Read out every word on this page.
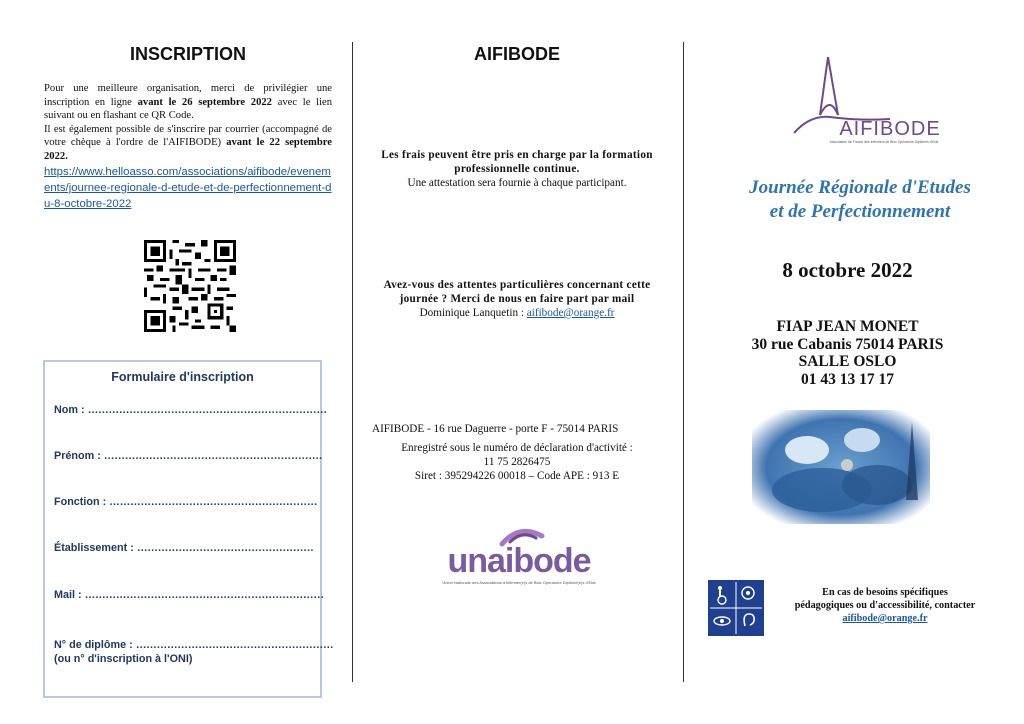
INSCRIPTION
Pour une meilleure organisation, merci de privilégier une inscription en ligne avant le 26 septembre 2022 avec le lien suivant ou en flashant ce QR Code.
Il est également possible de s'inscrire par courrier (accompagné de votre chèque à l'ordre de l'AIFIBODE) avant le 22 septembre 2022.
https://www.helloasso.com/associations/aifibode/evenements/journee-regionale-d-etude-et-de-perfectionnement-du-8-octobre-2022
Formulaire d'inscription
Nom : ……………………………………………………………
Prénom : ………………………………………………………
Fonction : ……………………………………………………
Établissement : ……………………………………………
Mail : ……………………………………………………………
N° de diplôme : …………………………………………………
(ou n° d'inscription à l'ONI)
AIFIBODE
Les frais peuvent être pris en charge par la formation professionnelle continue.
Une attestation sera fournie à chaque participant.
Avez-vous des attentes particulières concernant cette journée ? Merci de nous en faire part par mail
Dominique Lanquetin : aifibode@orange.fr
AIFIBODE - 16 rue Daguerre - porte F - 75014 PARIS
Enregistré sous le numéro de déclaration d'activité :
11 75 2826475
Siret : 395294226 00018 – Code APE : 913 E
unaibode
Union Nationale des Associations d'Infirmier(e)s de Bloc Opératoire Diplômé(e)s d'Etat
AIFIBODE
Association de France des Infirmiers de Bloc Opératoire Diplômés d'Etat
Journée Régionale d'Etudes
et de Perfectionnement
8 octobre 2022
FIAP JEAN MONET
30 rue Cabanis 75014 PARIS
SALLE OSLO
01 43 13 17 17
En cas de besoins spécifiques
pédagogiques ou d'accessibilité, contacter
aifibode@orange.fr
